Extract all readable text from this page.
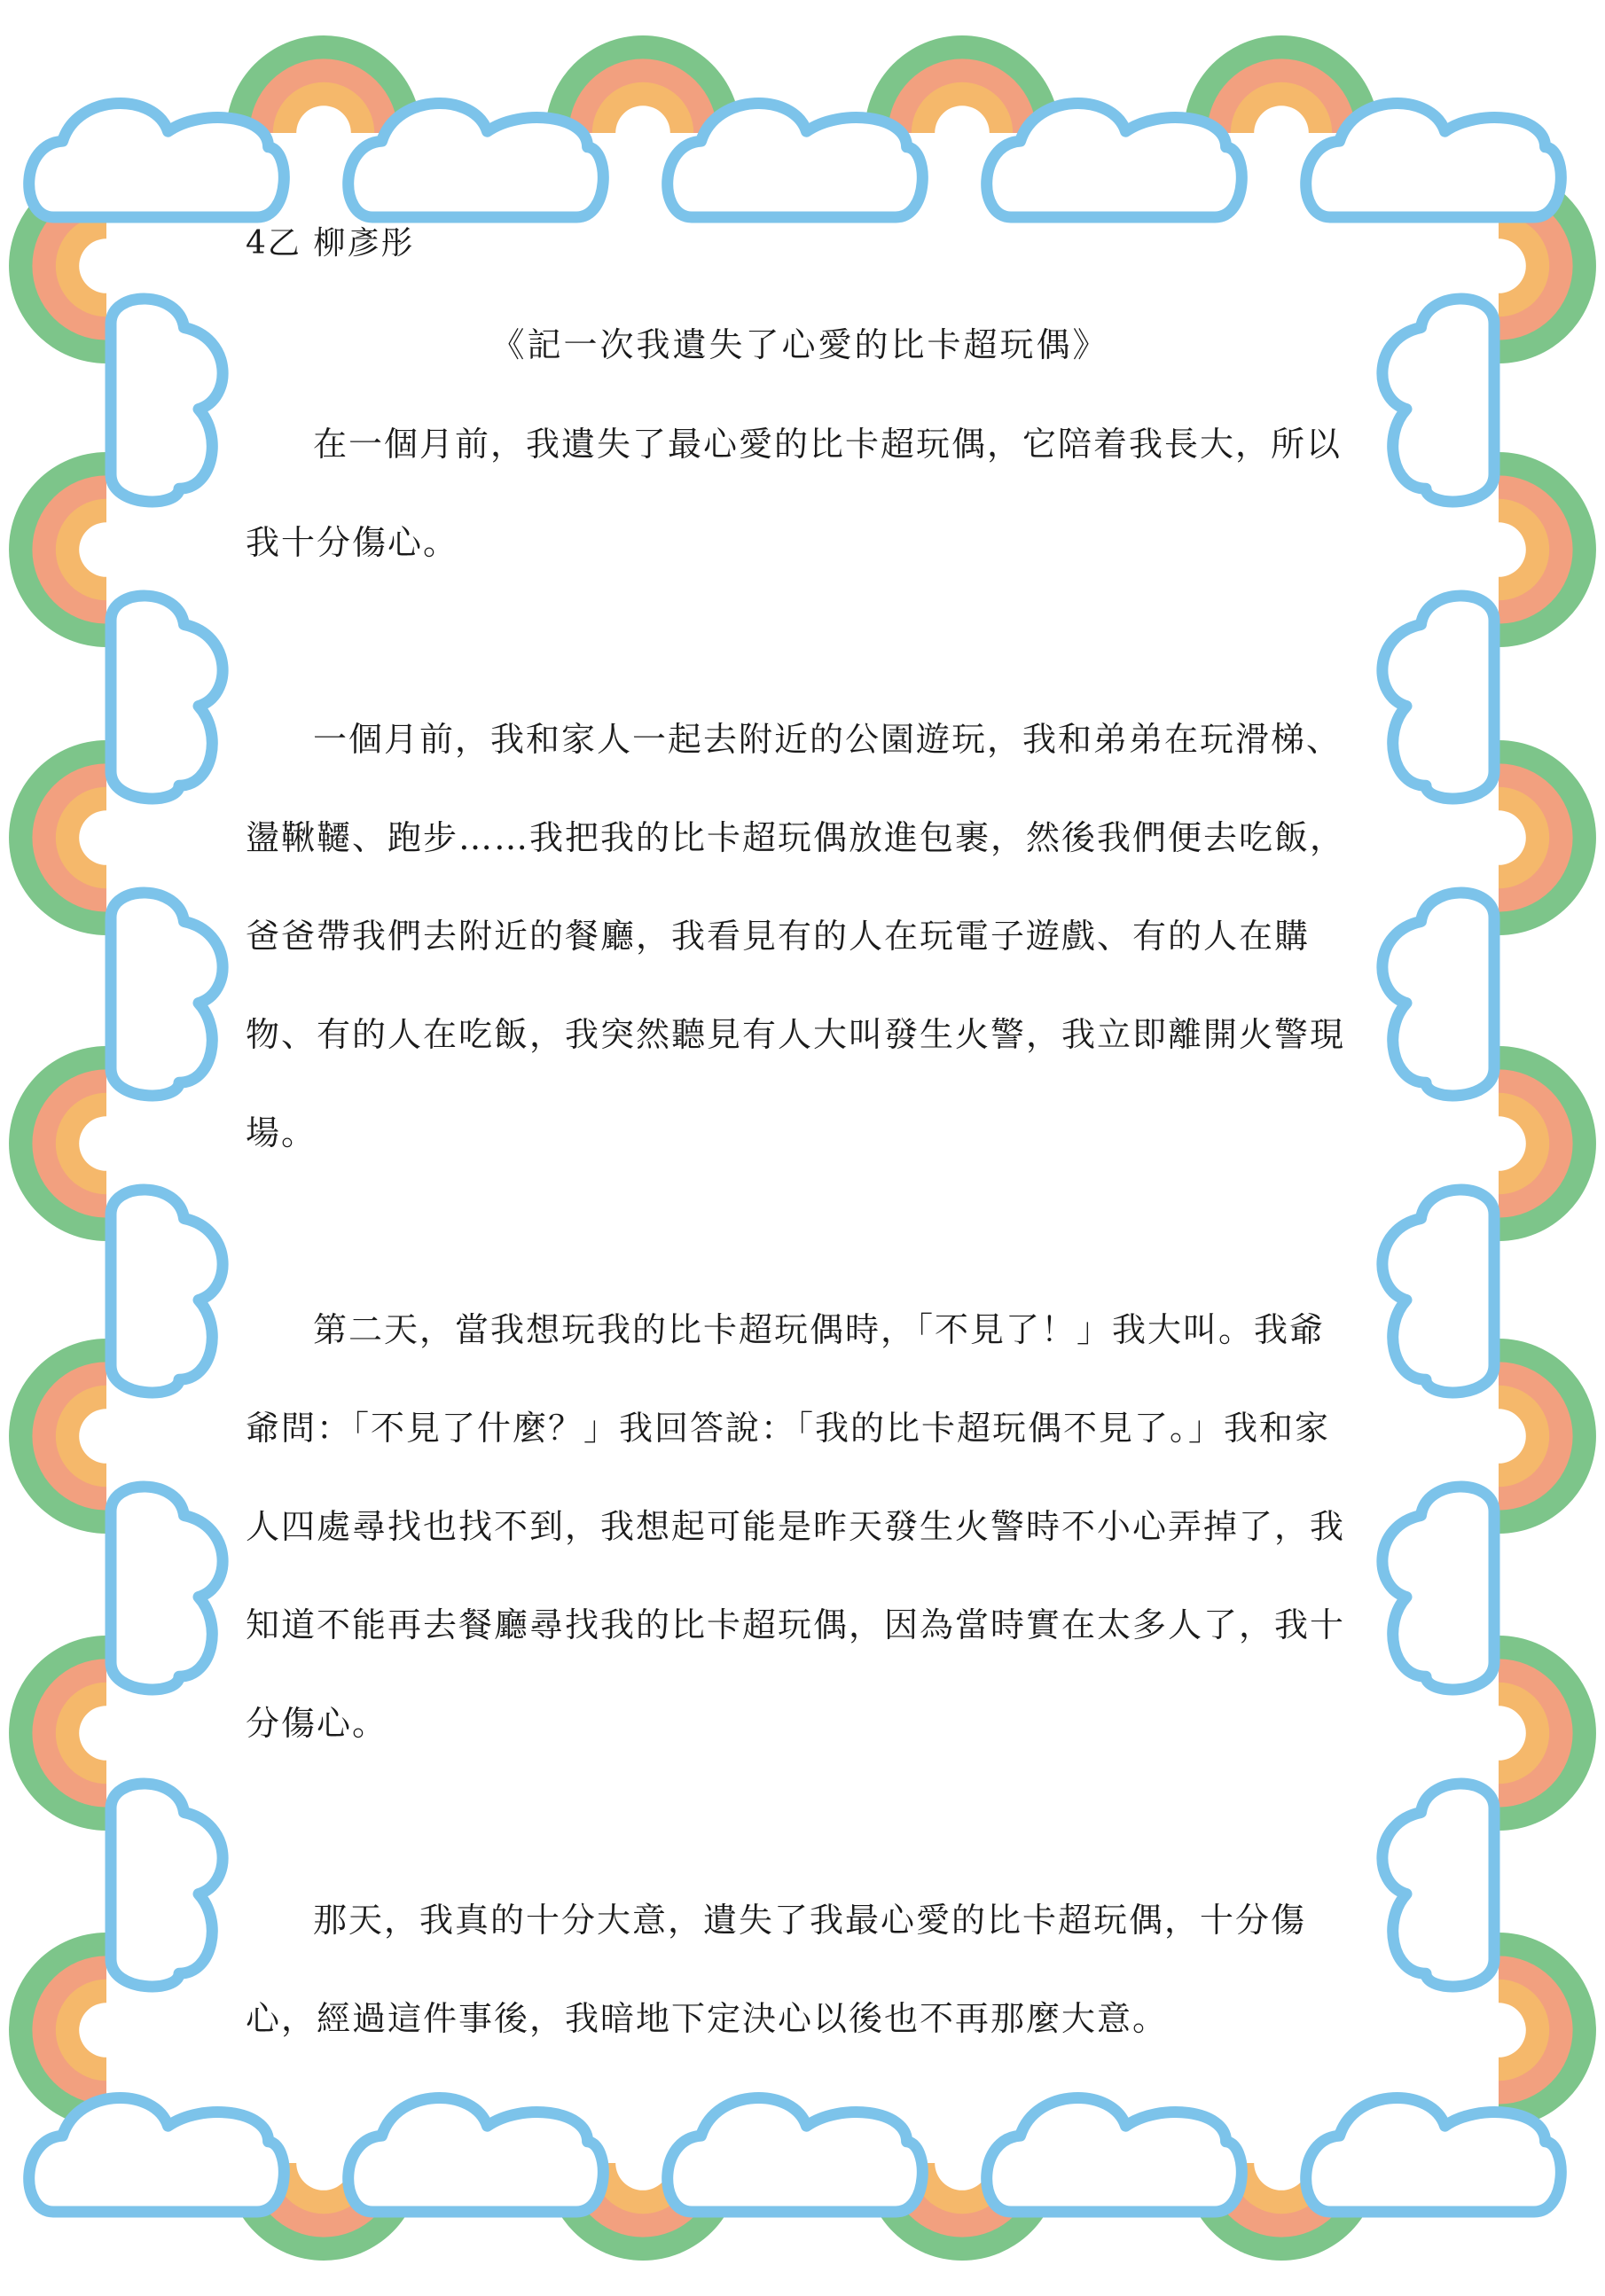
4乙 柳彥彤
《記一次我遺失了心愛的比卡超玩偶》

在一個月前，我遺失了最心愛的比卡超玩偶，它陪着我長大，所以我十分傷心。

一個月前，我和家人一起去附近的公園遊玩，我和弟弟在玩滑梯、盪鞦韆、跑步……我把我的比卡超玩偶放進包裹，然後我們便去吃飯，爸爸帶我們去附近的餐廳，我看見有的人在玩電子遊戲、有的人在購物、有的人在吃飯，我突然聽見有人大叫發生火警，我立即離開火警現場。

第二天，當我想玩我的比卡超玩偶時，「不見了！」我大叫。我爺爺問：「不見了什麼？」我回答說：「我的比卡超玩偶不見了。」我和家人四處尋找也找不到，我想起可能是昨天發生火警時不小心弄掉了，我知道不能再去餐廳尋找我的比卡超玩偶，因為當時實在太多人了，我十分傷心。

那天，我真的十分大意，遺失了我最心愛的比卡超玩偶，十分傷心，經過這件事後，我暗地下定決心以後也不再那麼大意。
